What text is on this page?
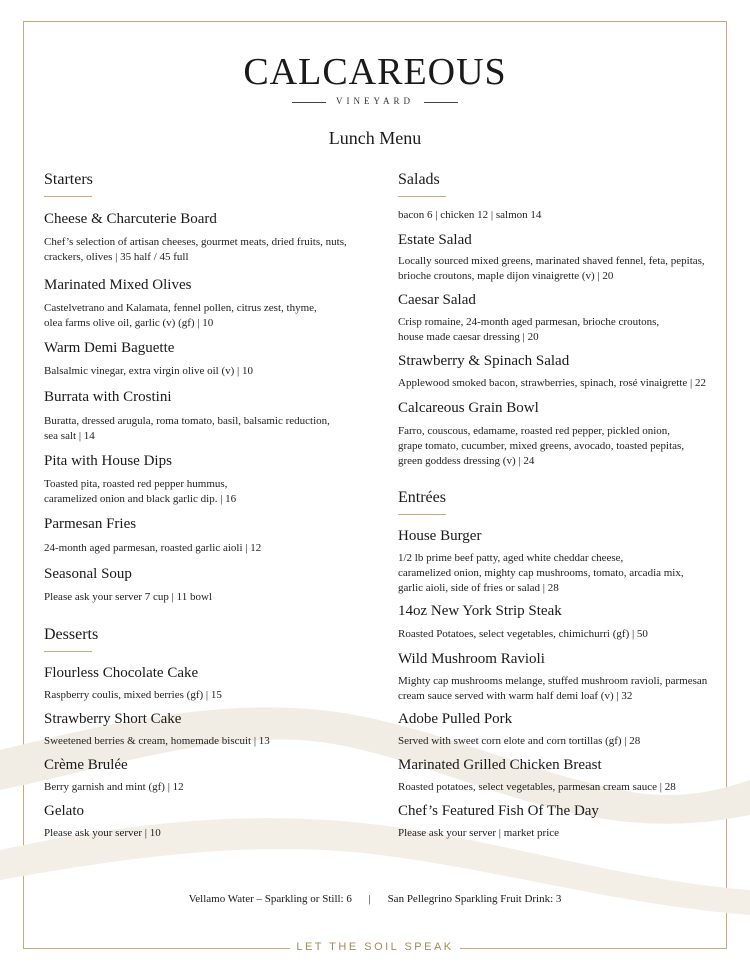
CALCAREOUS
VINEYARD
Lunch Menu
Starters
Cheese & Charcuterie Board
Chef’s selection of artisan cheeses, gourmet meats, dried fruits, nuts,
crackers, olives | 35 half / 45 full
Marinated Mixed Olives
Castelvetrano and Kalamata, fennel pollen, citrus zest, thyme,
olea farms olive oil, garlic (v) (gf) | 10
Warm Demi Baguette
Balsalmic vinegar, extra virgin olive oil (v) | 10
Burrata with Crostini
Buratta, dressed arugula, roma tomato, basil, balsamic reduction,
sea salt | 14
Pita with House Dips
Toasted pita, roasted red pepper hummus,
caramelized onion and black garlic dip. | 16
Parmesan Fries
24-month aged parmesan, roasted garlic aioli | 12
Seasonal Soup
Please ask your server 7 cup | 11 bowl
Desserts
Flourless Chocolate Cake
Raspberry coulis, mixed berries (gf) | 15
Strawberry Short Cake
Sweetened berries & cream, homemade biscuit | 13
Crème Brulée
Berry garnish and mint (gf) | 12
Gelato
Please ask your server | 10
Salads
bacon 6 | chicken 12 | salmon 14
Estate Salad
Locally sourced mixed greens, marinated shaved fennel, feta, pepitas,
brioche croutons, maple dijon vinaigrette (v) | 20
Caesar Salad
Crisp romaine, 24-month aged parmesan, brioche croutons,
house made caesar dressing | 20
Strawberry & Spinach Salad
Applewood smoked bacon, strawberries, spinach, rosé vinaigrette | 22
Calcareous Grain Bowl
Farro, couscous, edamame, roasted red pepper, pickled onion,
grape tomato, cucumber, mixed greens, avocado, toasted pepitas,
green goddess dressing (v) | 24
Entrées
House Burger
1/2 lb prime beef patty, aged white cheddar cheese,
caramelized onion, mighty cap mushrooms, tomato, arcadia mix,
garlic aioli, side of fries or salad | 28
14oz New York Strip Steak
Roasted Potatoes, select vegetables, chimichurri (gf) | 50
Wild Mushroom Ravioli
Mighty cap mushrooms melange, stuffed mushroom ravioli, parmesan
cream sauce served with warm half demi loaf (v) | 32
Adobe Pulled Pork
Served with sweet corn elote and corn tortillas (gf) | 28
Marinated Grilled Chicken Breast
Roasted potatoes, select vegetables, parmesan cream sauce | 28
Chef’s Featured Fish Of The Day
Please ask your server | market price
Vellamo Water – Sparkling or Still: 6 | San Pellegrino Sparkling Fruit Drink: 3
LET THE SOIL SPEAK
